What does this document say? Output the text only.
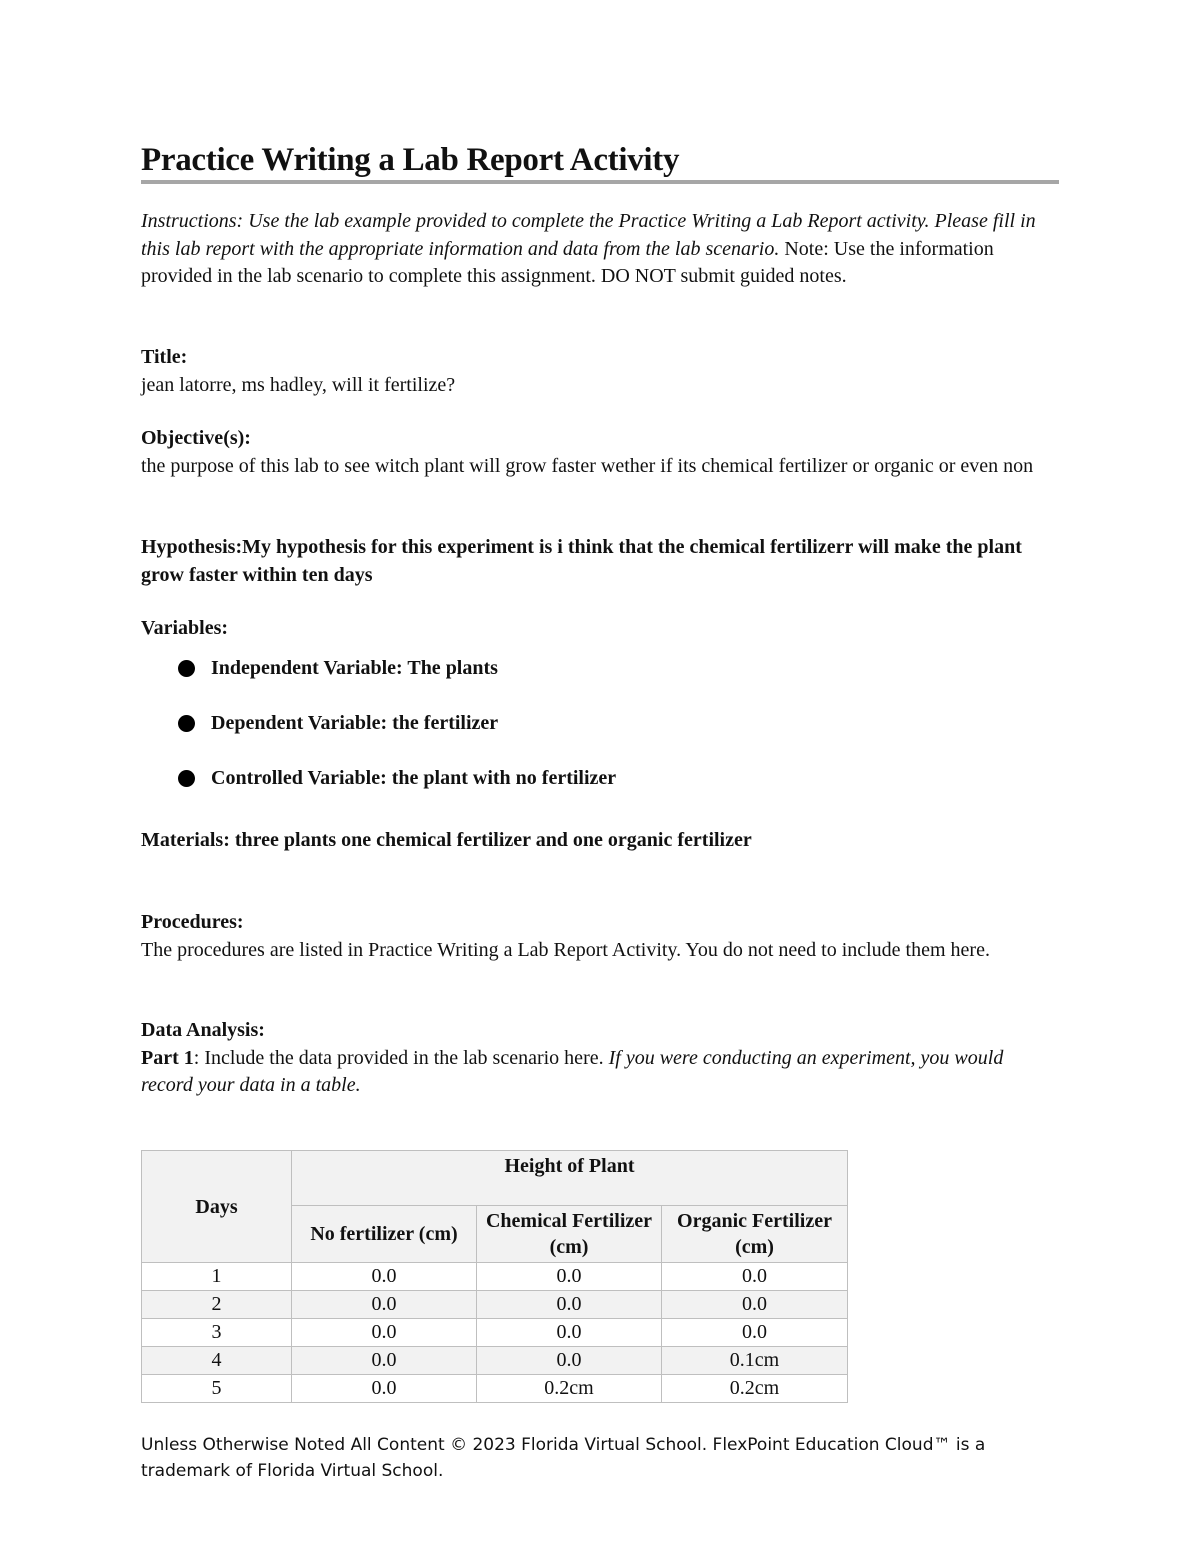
Practice Writing a Lab Report Activity

Instructions: Use the lab example provided to complete the Practice Writing a Lab Report activity. Please fill in this lab report with the appropriate information and data from the lab scenario. Note: Use the information provided in the lab scenario to complete this assignment. DO NOT submit guided notes.

Title:
jean latorre, ms hadley, will it fertilize?
Objective(s):
the purpose of this lab to see witch plant will grow faster wether if its chemical fertilizer or organic or even non

Hypothesis:My hypothesis for this experiment is i think that the chemical fertilizerr will make the plant grow faster within ten days

Variables:
Independent Variable: The plants
Dependent Variable: the fertilizer
Controlled Variable: the plant with no fertilizer

Materials: three plants one chemical fertilizer and one organic fertilizer

Procedures:
The procedures are listed in Practice Writing a Lab Report Activity. You do not need to include them here.
Data Analysis:
Part 1: Include the data provided in the lab scenario here. If you were conducting an experiment, you would record your data in a table.
Days	Height of Plant		
	No fertilizer (cm)	Chemical Fertilizer (cm)	Organic Fertilizer (cm)
1	0.0	0.0	0.0
2	0.0	0.0	0.0
3	0.0	0.0	0.0
4	0.0	0.0	0.1cm
5	0.0	0.2cm	0.2cm

Unless Otherwise Noted All Content © 2023 Florida Virtual School. FlexPoint Education Cloud™ is a trademark of Florida Virtual School.
